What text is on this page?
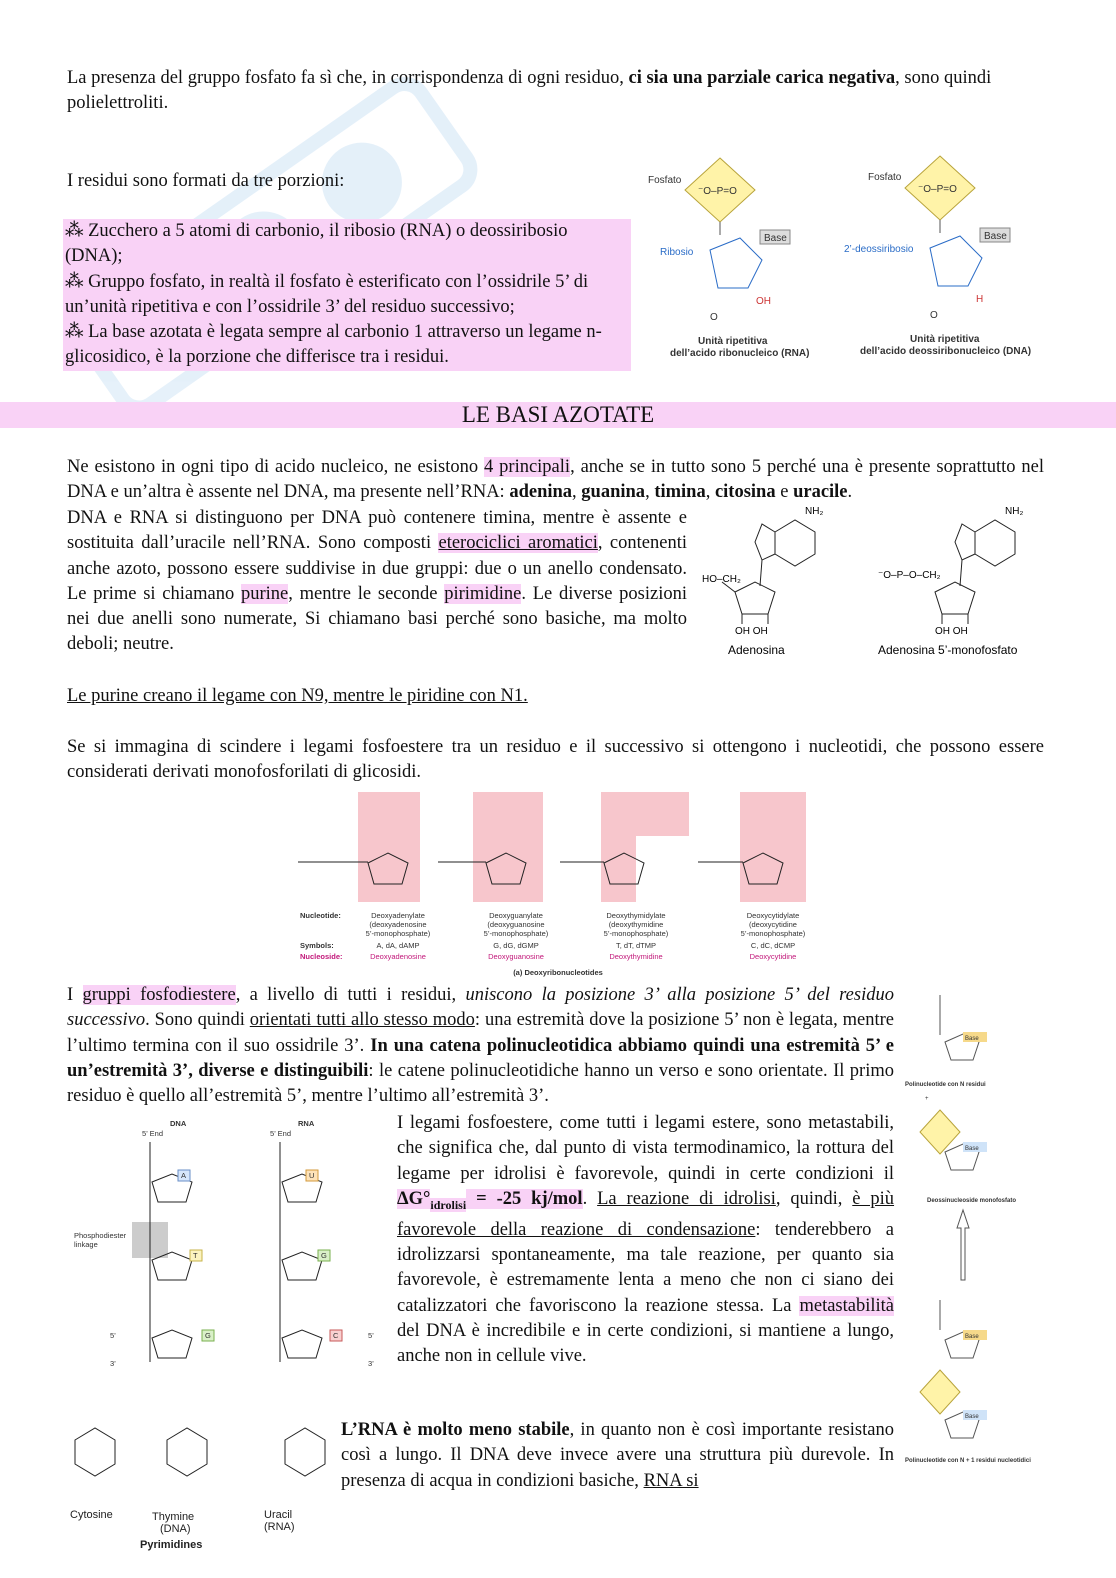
La presenza del gruppo fosfato fa sì che, in corrispondenza di ogni residuo, ci sia una parziale carica negativa, sono quindi polielettroliti.

I residui sono formati da tre porzioni:

⁂ Zucchero a 5 atomi di carbonio, il ribosio (RNA) o deossiribosio (DNA);
⁂ Gruppo fosfato, in realtà il fosfato è esterificato con l’ossidrile 5’ di un’unità ripetitiva e con l’ossidrile 3’ del residuo successivo;
⁂ La base azotata è legata sempre al carbonio 1 attraverso un legame n-glicosidico, è la porzione che differisce tra i residui.
Fosfato
⁻O–P=O
Ribosio
Base
O
OH
Unità ripetitiva
dell’acido ribonucleico (RNA)
Fosfato
⁻O–P=O
2’-deossiribosio
Base
O
H
Unità ripetitiva
dell’acido deossiribonucleico (DNA)
LE BASI AZOTATE

Ne esistono in ogni tipo di acido nucleico, ne esistono 4 principali, anche se in tutto sono 5 perché una è presente soprattutto nel DNA e un’altra è assente nel DNA, ma presente nell’RNA: adenina, guanina, timina, citosina e uracile.

DNA e RNA si distinguono per DNA può contenere timina, mentre è assente e sostituita dall’uracile nell’RNA. Sono composti eterociclici aromatici, contenenti anche azoto, possono essere suddivise in due gruppi: due o un anello condensato. Le prime si chiamano purine, mentre le seconde pirimidine. Le diverse posizioni nei due anelli sono numerate, Si chiamano basi perché sono basiche, ma molto deboli; neutre.

NH₂
HO–CH₂
OH OH
Adenosina
NH₂
⁻O–P–O–CH₂
OH OH
Adenosina 5’-monofosfato

Le purine creano il legame con N9, mentre le piridine con N1.

Se si immagina di scindere i legami fosfoestere tra un residuo e il successivo si ottengono i nucleotidi, che possono essere considerati derivati monofosforilati di glicosidi.

Nucleotide:
Symbols:
Nucleoside:
Deoxyadenylate
(deoxyadenosine
5’-monophosphate)
A, dA, dAMP
Deoxyadenosine
Deoxyguanylate
(deoxyguanosine
5’-monophosphate)
G, dG, dGMP
Deoxyguanosine
Deoxythymidylate
(deoxythymidine
5’-monophosphate)
T, dT, dTMP
Deoxythymidine
Deoxycytidylate
(deoxycytidine
5’-monophosphate)
C, dC, dCMP
Deoxycytidine
(a) Deoxyribonucleotides

I gruppi fosfodiestere, a livello di tutti i residui, uniscono la posizione 3’ alla posizione 5’ del residuo successivo. Sono quindi orientati tutti allo stesso modo: una estremità dove la posizione 5’ non è legata, mentre l’ultimo termina con il suo ossidrile 3’. In una catena polinucleotidica abbiamo quindi una estremità 5’ e un’estremità 3’, diverse e distinguibili: le catene polinucleotidiche hanno un verso e sono orientate. Il primo residuo è quello all’estremità 5’, mentre l’ultimo all’estremità 3’.

I legami fosfoestere, come tutti i legami estere, sono metastabili, che significa che, dal punto di vista termodinamico, la rottura del legame per idrolisi è favorevole, quindi in certe condizioni il $\Delta G^\circ_{idrolisi} = -25$ kj/mol. La reazione di idrolisi, quindi, è più favorevole della reazione di condensazione: tenderebbero a idrolizzarsi spontaneamente, ma tale reazione, per quanto sia favorevole, è estremamente lenta a meno che non ci siano dei catalizzatori che favoriscono la reazione stessa. La metastabilità del DNA è incredibile e in certe condizioni, si mantiene a lungo, anche non in cellule vive.

L’RNA è molto meno stabile, in quanto non è così importante resistano così a lungo. Il DNA deve invece avere una struttura più durevole. In presenza di acqua in condizioni basiche, RNA si

DNA	RNA
5’ End	5’ End
Phosphodiester
linkage
A
T
G
U
G
C
5’
3’
5’
3’
Cytosine	Thymine
(DNA)
Uracil
(RNA)
Pyrimidines
Base
Base
Base
Base
Polinucleotide con N residui
+
Deossinucleoside monofosfato
Polinucleotide con N + 1 residui nucleotidici
